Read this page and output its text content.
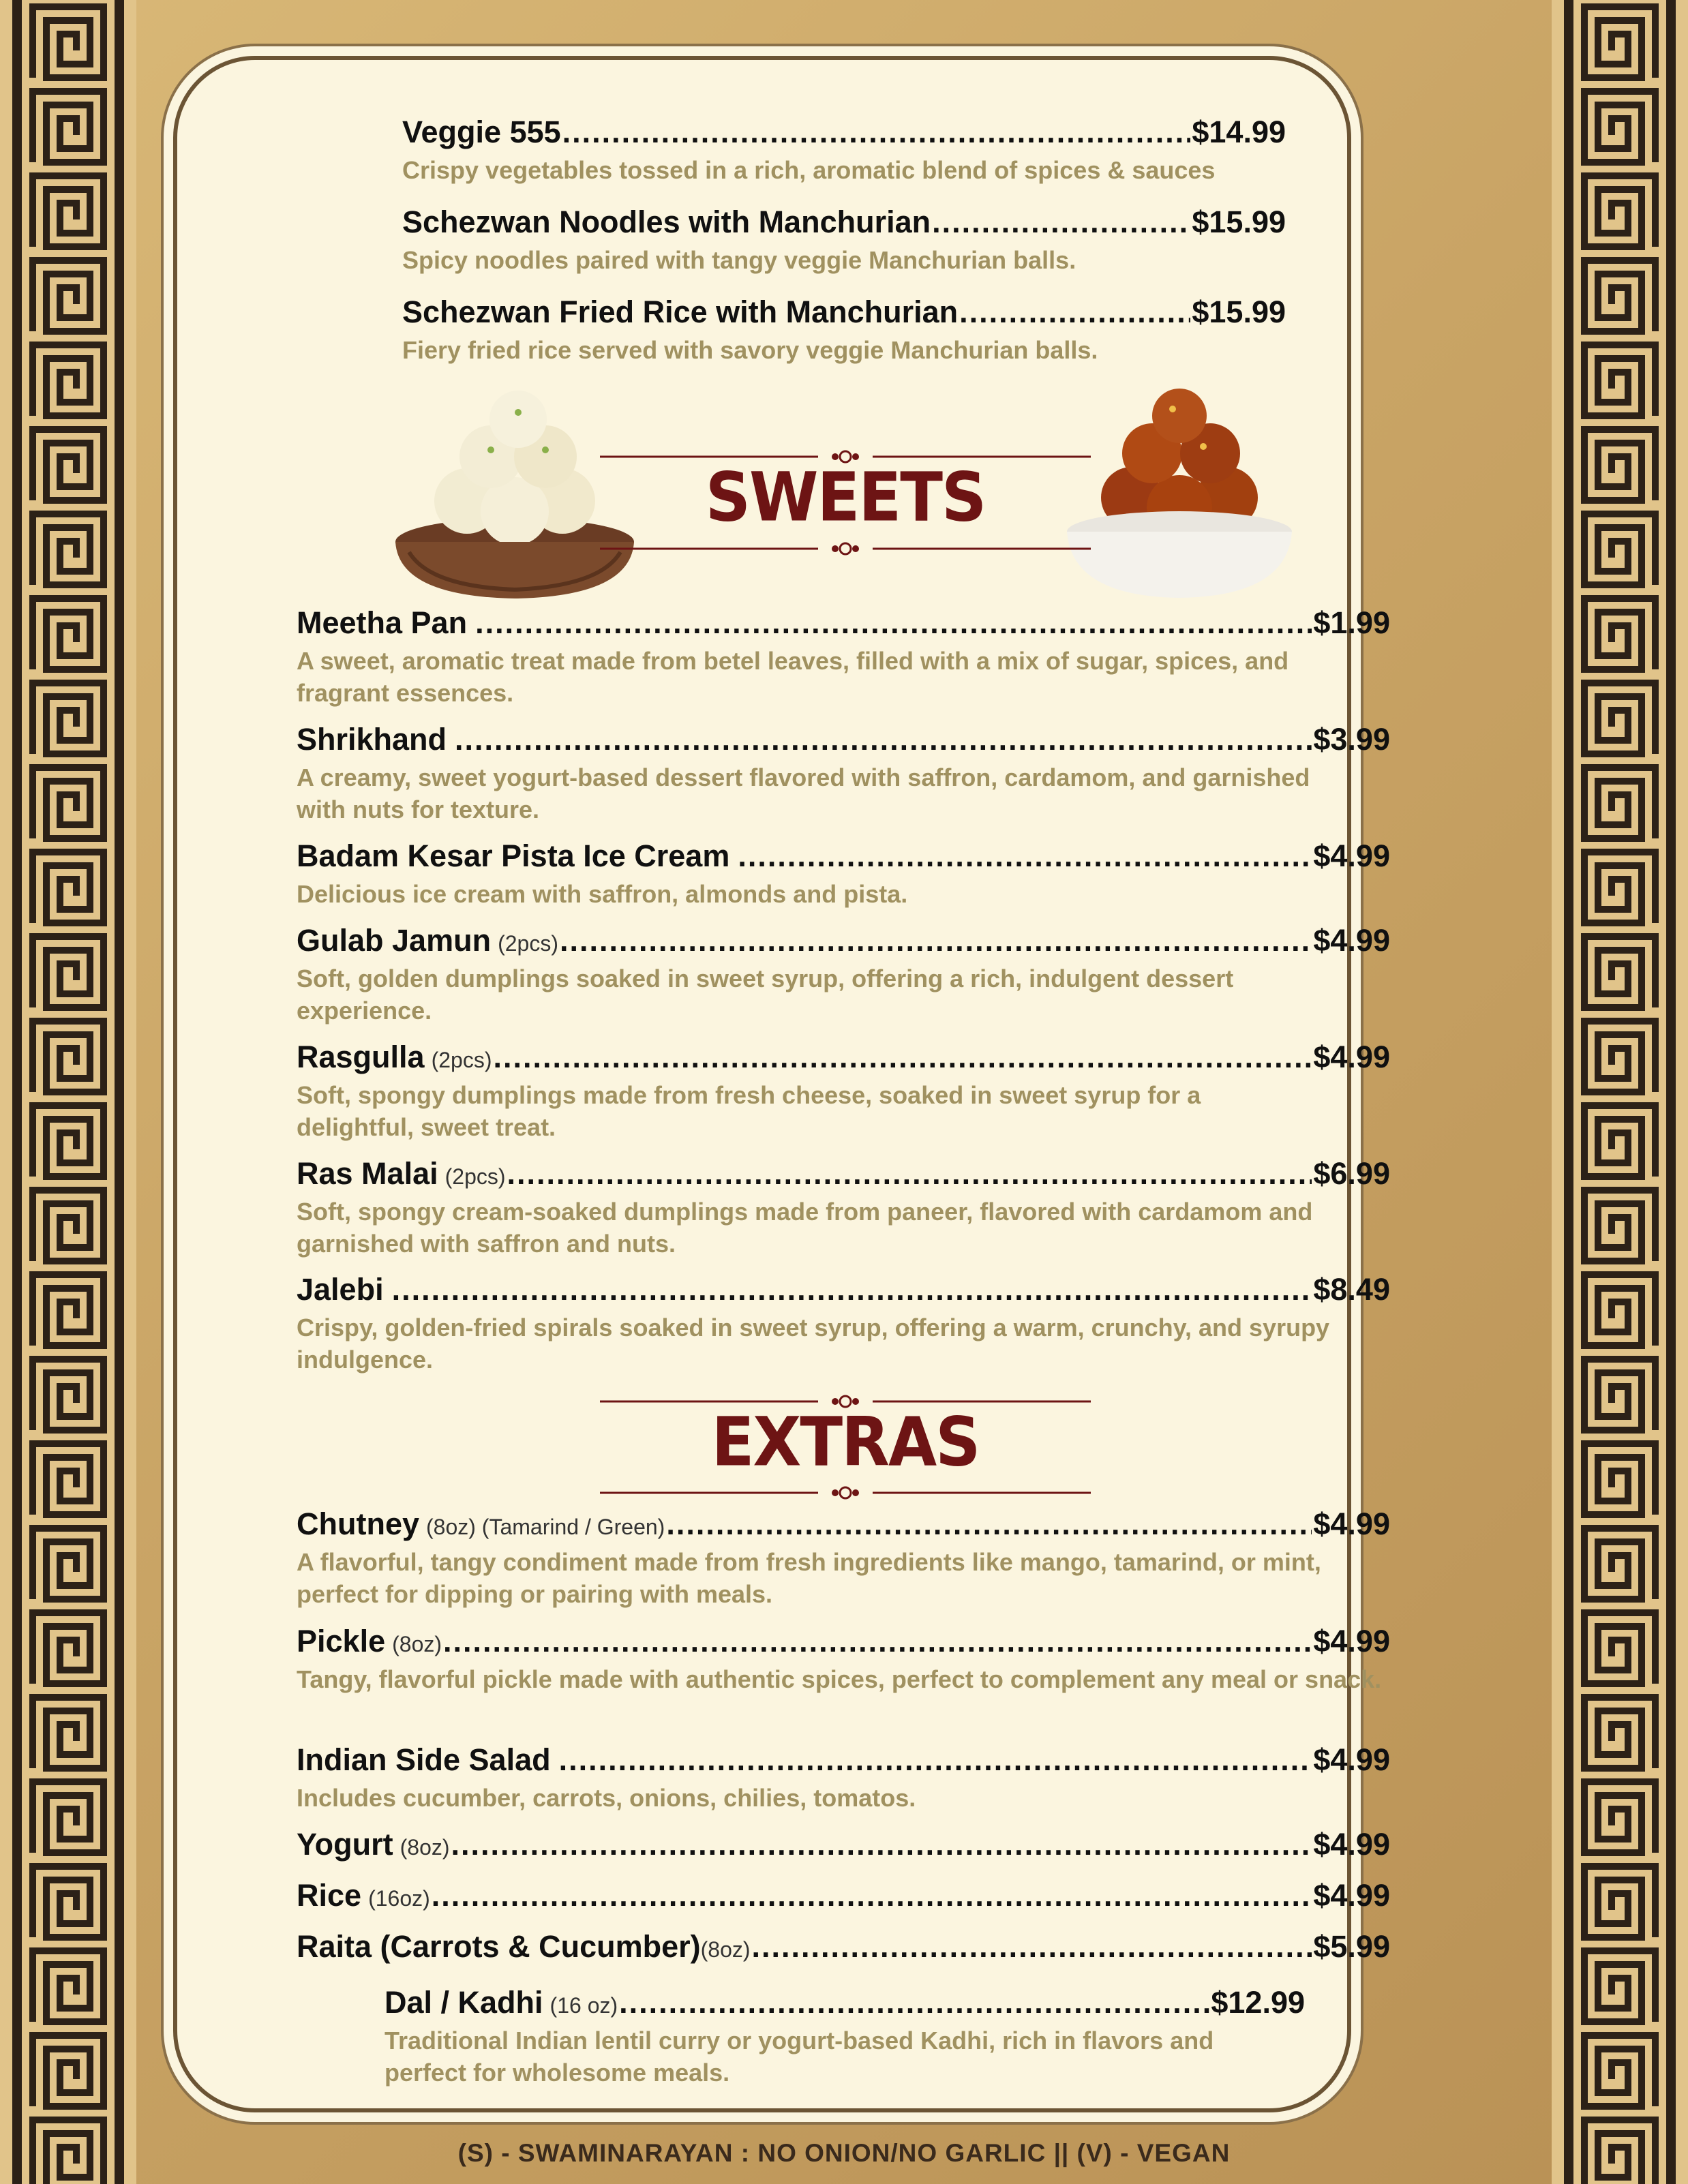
Veggie 555 .....	$14.99
Crispy vegetables tossed in a rich, aromatic blend of spices & sauces
Schezwan Noodles with Manchurian .....	$15.99
Spicy noodles paired with tangy veggie Manchurian balls.
Schezwan Fried Rice with Manchurian .....	$15.99
Fiery fried rice served with savory veggie Manchurian balls.
SWEETS
Meetha Pan .....	$1.99
A sweet, aromatic treat made from betel leaves, filled with a mix of sugar, spices, and fragrant essences.
Shrikhand .....	$3.99
A creamy, sweet yogurt-based dessert flavored with saffron, cardamom, and garnished with nuts for texture.
Badam Kesar Pista Ice Cream .....	$4.99
Delicious ice cream with saffron, almonds and pista.
Gulab Jamun (2pcs) .....	$4.99
Soft, golden dumplings soaked in sweet syrup, offering a rich, indulgent dessert experience.
Rasgulla (2pcs) .....	$4.99
Soft, spongy dumplings made from fresh cheese, soaked in sweet syrup for a delightful, sweet treat.
Ras Malai (2pcs) .....	$6.99
Soft, spongy cream-soaked dumplings made from paneer, flavored with cardamom and garnished with saffron and nuts.
Jalebi .....	$8.49
Crispy, golden-fried spirals soaked in sweet syrup, offering a warm, crunchy, and syrupy indulgence.
EXTRAS
Chutney (8oz) (Tamarind / Green) .....	$4.99
A flavorful, tangy condiment made from fresh ingredients like mango, tamarind, or mint, perfect for dipping or pairing with meals.
Pickle (8oz) .....	$4.99
Tangy, flavorful pickle made with authentic spices, perfect to complement any meal or snack.
Indian Side Salad .....	$4.99
Includes cucumber, carrots, onions, chilies, tomatos.
Yogurt (8oz) .....	$4.99
Rice (16oz) .....	$4.99
Raita (Carrots & Cucumber) (8oz) .....	$5.99
Dal / Kadhi (16 oz) .....	$12.99
Traditional Indian lentil curry or yogurt-based Kadhi, rich in flavors and perfect for wholesome meals.
(S) - SWAMINARAYAN : NO ONION/NO GARLIC || (V) - VEGAN
